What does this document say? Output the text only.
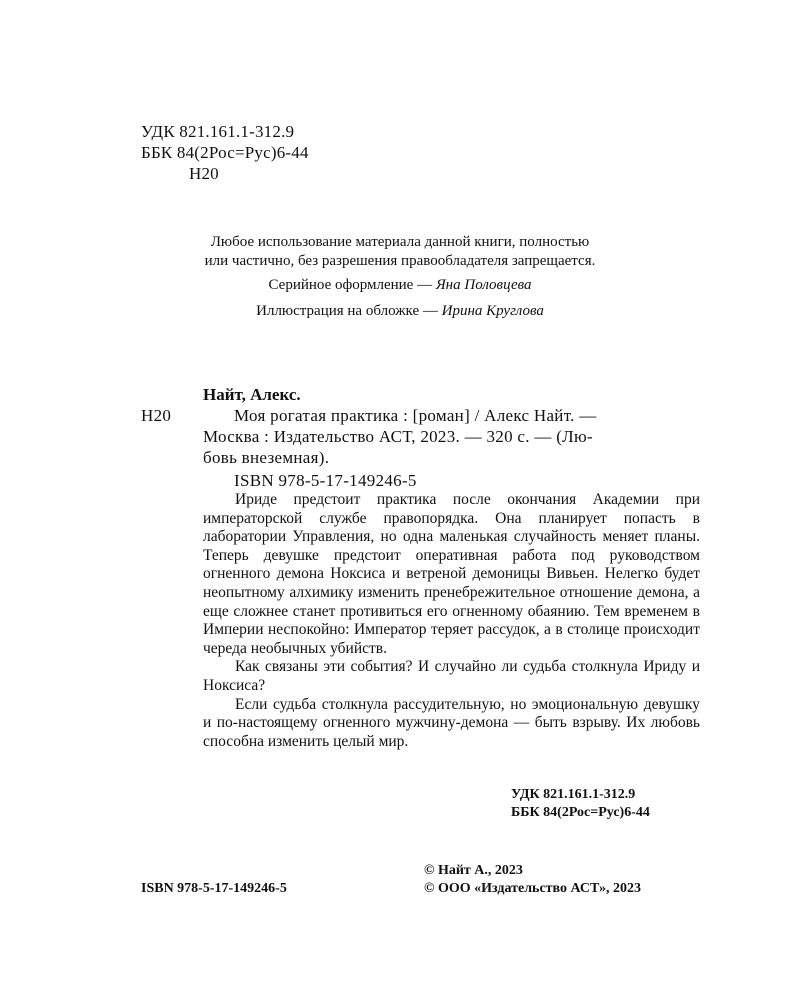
УДК 821.161.1-312.9
ББК 84(2Рос=Рус)6-44
Н20
Любое использование материала данной книги, полностью
или частично, без разрешения правообладателя запрещается.
Серийное оформление — Яна Половцева
Иллюстрация на обложке — Ирина Круглова
Найт, Алекс.
Н20	Моя рогатая практика : [роман] / Алекс Найт. —
Москва : Издательство АСТ, 2023. — 320 с. — (Лю-
бовь внеземная).
ISBN 978-5-17-149246-5

Ириде предстоит практика после окончания Академии при императорской службе правопорядка. Она планирует попасть в лаборатории Управления, но одна маленькая случайность меняет планы. Теперь девушке предстоит оперативная работа под руководством огненного демона Ноксиса и ветреной демоницы Вивьен. Нелегко будет неопытному алхимику изменить пренебрежительное отношение демона, а еще сложнее станет противиться его огненному обаянию. Тем временем в Империи неспокойно: Император теряет рассудок, а в столице происходит череда необычных убийств.

Как связаны эти события? И случайно ли судьба столкнула Ириду и Ноксиса?

Если судьба столкнула рассудительную, но эмоциональную девушку и по-настоящему огненного мужчину-демона — быть взрыву. Их любовь способна изменить целый мир.

УДК 821.161.1-312.9
ББК 84(2Рос=Рус)6-44
© Найт А., 2023
ISBN 978-5-17-149246-5	© ООО «Издательство АСТ», 2023
